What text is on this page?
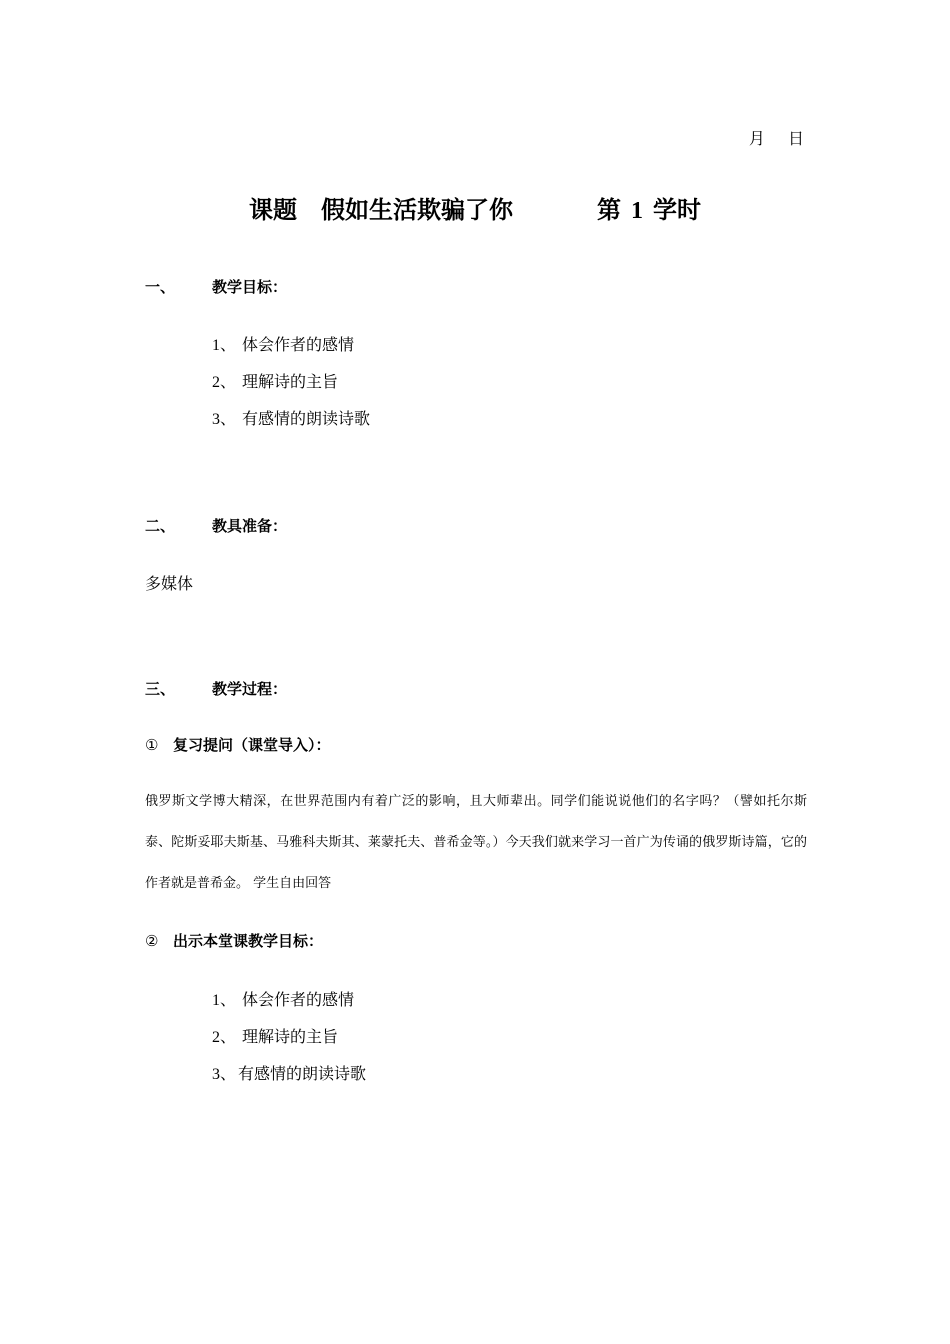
月 日
课题 假如生活欺骗了你	第 1 学时
一、 教学目标：
1、 体会作者的感情
2、 理解诗的主旨
3、 有感情的朗读诗歌
二、 教具准备：
多媒体
三、 教学过程：
① 复习提问（课堂导入）：
俄罗斯文学博大精深，在世界范围内有着广泛的影响，且大师辈出。同学们能说说他们的名字吗？（譬如托尔斯泰、陀斯妥耶夫斯基、马雅科夫斯其、莱蒙托夫、普希金等。）今天我们就来学习一首广为传诵的俄罗斯诗篇，它的作者就是普希金。 学生自由回答
② 出示本堂课教学目标：
1、 体会作者的感情
2、 理解诗的主旨
3、 有感情的朗读诗歌
